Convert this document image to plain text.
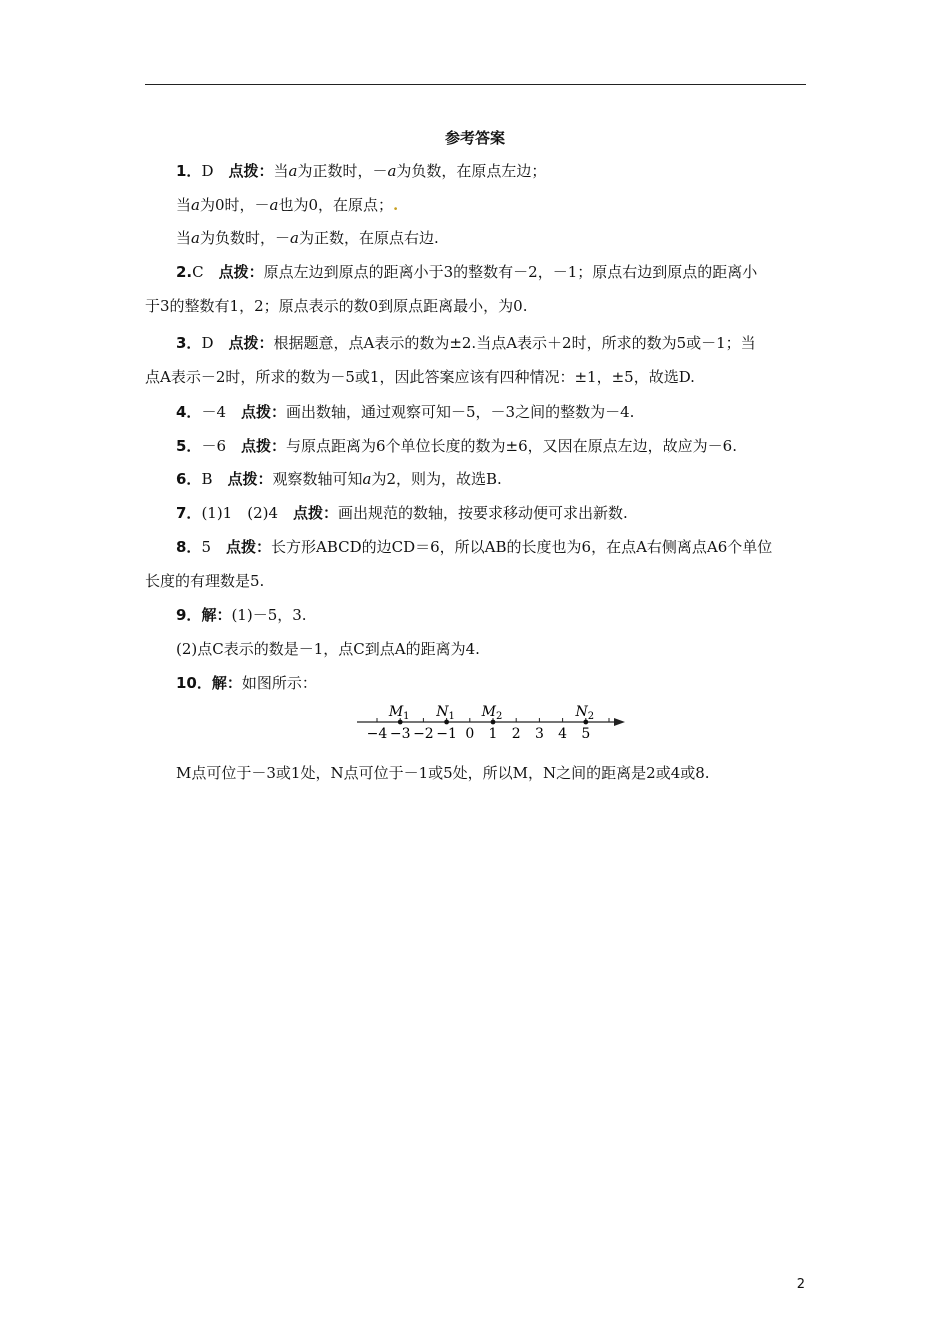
参考答案
1．D　点拨：当a为正数时，－a为负数，在原点左边；
当a为0时，－a也为0，在原点；.
当a为负数时，－a为正数，在原点右边.
2.C　点拨：原点左边到原点的距离小于3的整数有－2，－1；原点右边到原点的距离小
于3的整数有1，2；原点表示的数0到原点距离最小，为0.
3．D　点拨：根据题意，点A表示的数为±2.当点A表示＋2时，所求的数为5或－1；当
点A表示－2时，所求的数为－5或1，因此答案应该有四种情况：±1，±5，故选D.
4．－4　点拨：画出数轴，通过观察可知－5，－3之间的整数为－4.
5．－6　点拨：与原点距离为6个单位长度的数为±6，又因在原点左边，故应为－6.
6．B　点拨：观察数轴可知a为2，则为，故选B.
7．(1)1　(2)4　点拨：画出规范的数轴，按要求移动便可求出新数.
8．5　点拨：长方形ABCD的边CD＝6，所以AB的长度也为6，在点A右侧离点A6个单位
长度的有理数是5.
9．解：(1)－5，3.
(2)点C表示的数是－1，点C到点A的距离为4.
10．解：如图所示：
−4 −3 −2 −1 0 1 2 3 4 5
$M_1$ $N_1$ $M_2$	$N_2$
M点可位于－3或1处，N点可位于－1或5处，所以M，N之间的距离是2或4或8.
2
